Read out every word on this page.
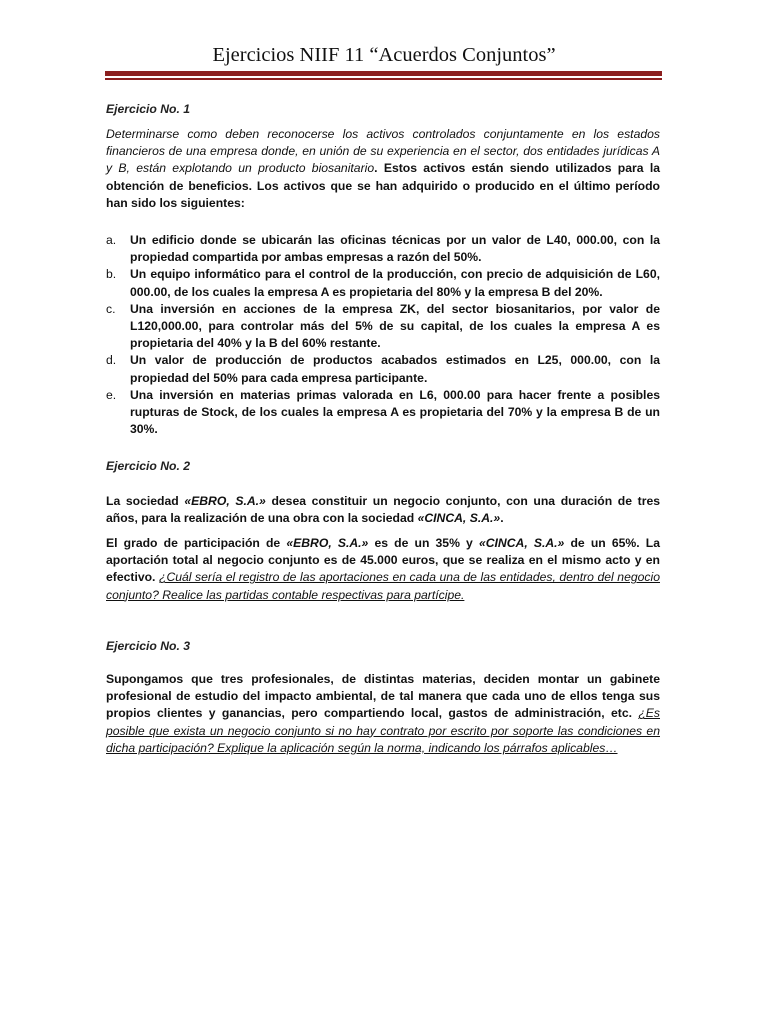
Ejercicios NIIF 11 “Acuerdos Conjuntos”
Ejercicio No. 1
Determinarse como deben reconocerse los activos controlados conjuntamente en los estados financieros de una empresa donde, en unión de su experiencia en el sector, dos entidades jurídicas A y B, están explotando un producto biosanitario. Estos activos están siendo utilizados para la obtención de beneficios. Los activos que se han adquirido o producido en el último período han sido los siguientes:
a. Un edificio donde se ubicarán las oficinas técnicas por un valor de L40, 000.00, con la propiedad compartida por ambas empresas a razón del 50%.
b. Un equipo informático para el control de la producción, con precio de adquisición de L60, 000.00, de los cuales la empresa A es propietaria del 80% y la empresa B del 20%.
c. Una inversión en acciones de la empresa ZK, del sector biosanitarios, por valor de L120,000.00, para controlar más del 5% de su capital, de los cuales la empresa A es propietaria del 40% y la B del 60% restante.
d. Un valor de producción de productos acabados estimados en L25, 000.00, con la propiedad del 50% para cada empresa participante.
e. Una inversión en materias primas valorada en L6, 000.00 para hacer frente a posibles rupturas de Stock, de los cuales la empresa A es propietaria del 70% y la empresa B de un 30%.
Ejercicio No. 2
La sociedad «EBRO, S.A.» desea constituir un negocio conjunto, con una duración de tres años, para la realización de una obra con la sociedad «CINCA, S.A.».
El grado de participación de «EBRO, S.A.» es de un 35% y «CINCA, S.A.» de un 65%. La aportación total al negocio conjunto es de 45.000 euros, que se realiza en el mismo acto y en efectivo. ¿Cuál sería el registro de las aportaciones en cada una de las entidades, dentro del negocio conjunto? Realice las partidas contable respectivas para partícipe.
Ejercicio No. 3
Supongamos que tres profesionales, de distintas materias, deciden montar un gabinete profesional de estudio del impacto ambiental, de tal manera que cada uno de ellos tenga sus propios clientes y ganancias, pero compartiendo local, gastos de administración, etc. ¿Es posible que exista un negocio conjunto si no hay contrato por escrito por soporte las condiciones en dicha participación? Explique la aplicación según la norma, indicando los párrafos aplicables…
